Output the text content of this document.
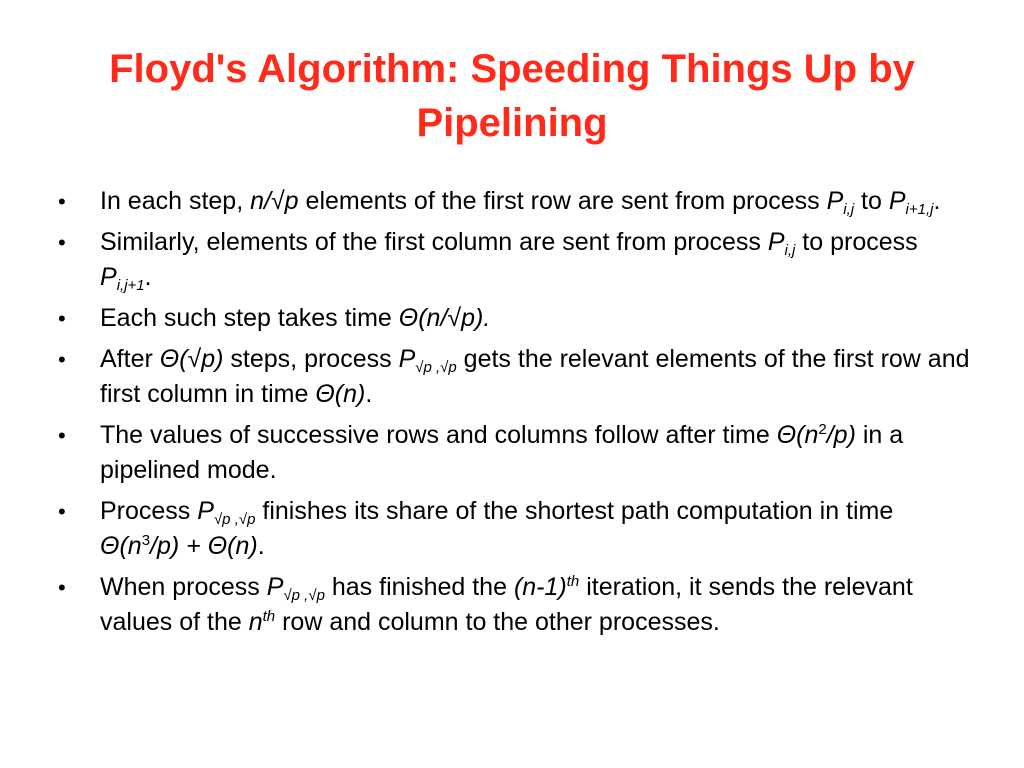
Floyd's Algorithm: Speeding Things Up by Pipelining
• In each step, n/√p elements of the first row are sent from process $P_{i,j}$ to $P_{i+1,j}$.
• Similarly, elements of the first column are sent from process $P_{i,j}$ to process $P_{i,j+1}$.
• Each such step takes time Θ(n/√p).
• After Θ(√p) steps, process $P_{√p ,√p}$ gets the relevant elements of the first row and first column in time Θ(n).
• The values of successive rows and columns follow after time $\Theta(n^2/p)$ in a pipelined mode.
• Process $P_{√p ,√p}$ finishes its share of the shortest path computation in time $\Theta(n^3/p) + \Theta(n)$.
• When process $P_{√p ,√p}$ has finished the $(n-1)^{th}$ iteration, it sends the relevant values of the $n^{th}$ row and column to the other processes.
